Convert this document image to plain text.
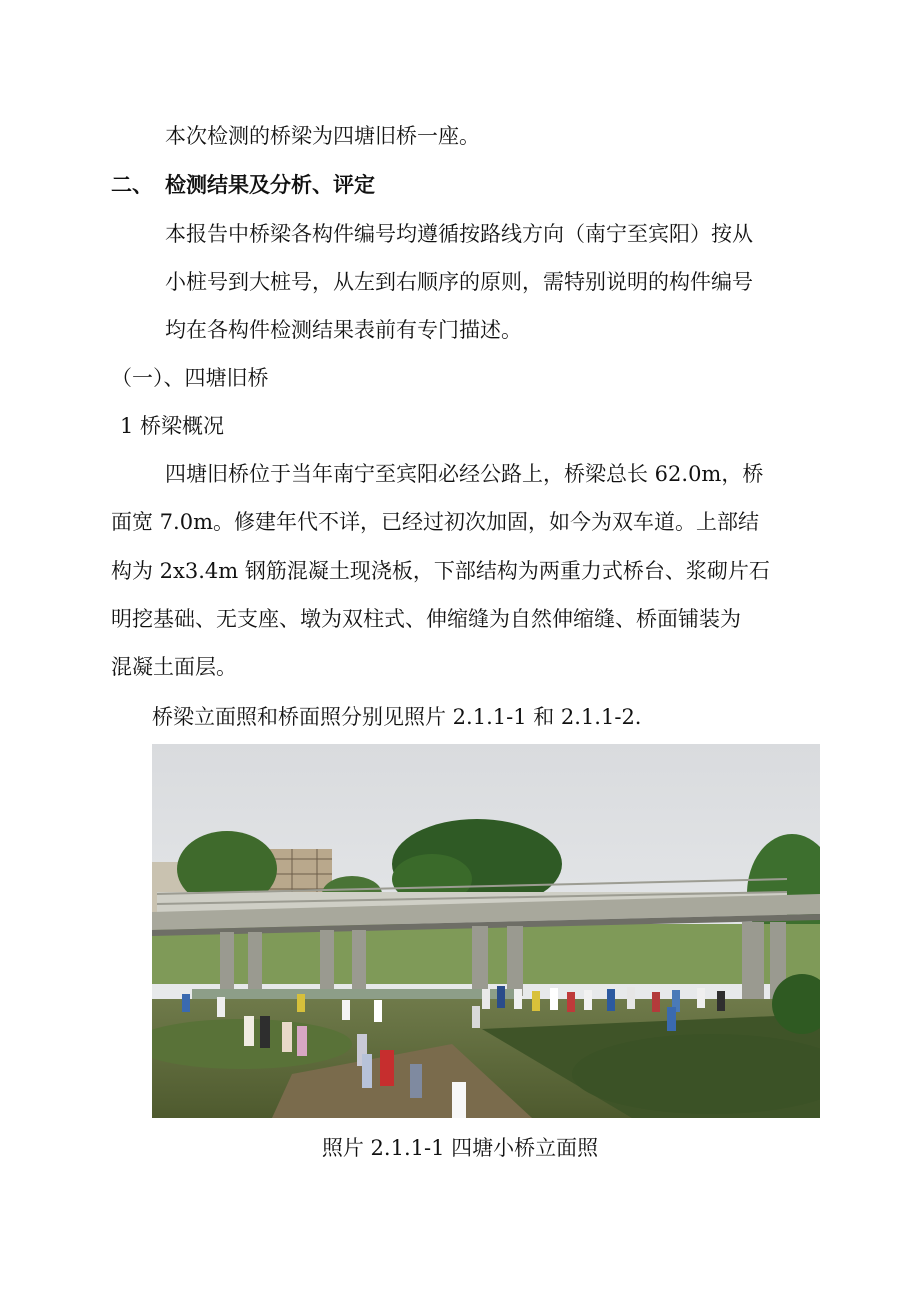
本次检测的桥梁为四塘旧桥一座。
二、 检测结果及分析、评定
本报告中桥梁各构件编号均遵循按路线方向（南宁至宾阳）按从
小桩号到大桩号，从左到右顺序的原则，需特别说明的构件编号
均在各构件检测结果表前有专门描述。
（一）、四塘旧桥
1 桥梁概况
四塘旧桥位于当年南宁至宾阳必经公路上，桥梁总长 62.0m，桥
面宽 7.0m。修建年代不详，已经过初次加固，如今为双车道。上部结
构为 2x3.4m 钢筋混凝土现浇板，下部结构为两重力式桥台、浆砌片石
明挖基础、无支座、墩为双柱式、伸缩缝为自然伸缩缝、桥面铺装为
混凝土面层。
桥梁立面照和桥面照分别见照片 2.1.1-1 和 2.1.1-2.
照片 2.1.1-1 四塘小桥立面照
